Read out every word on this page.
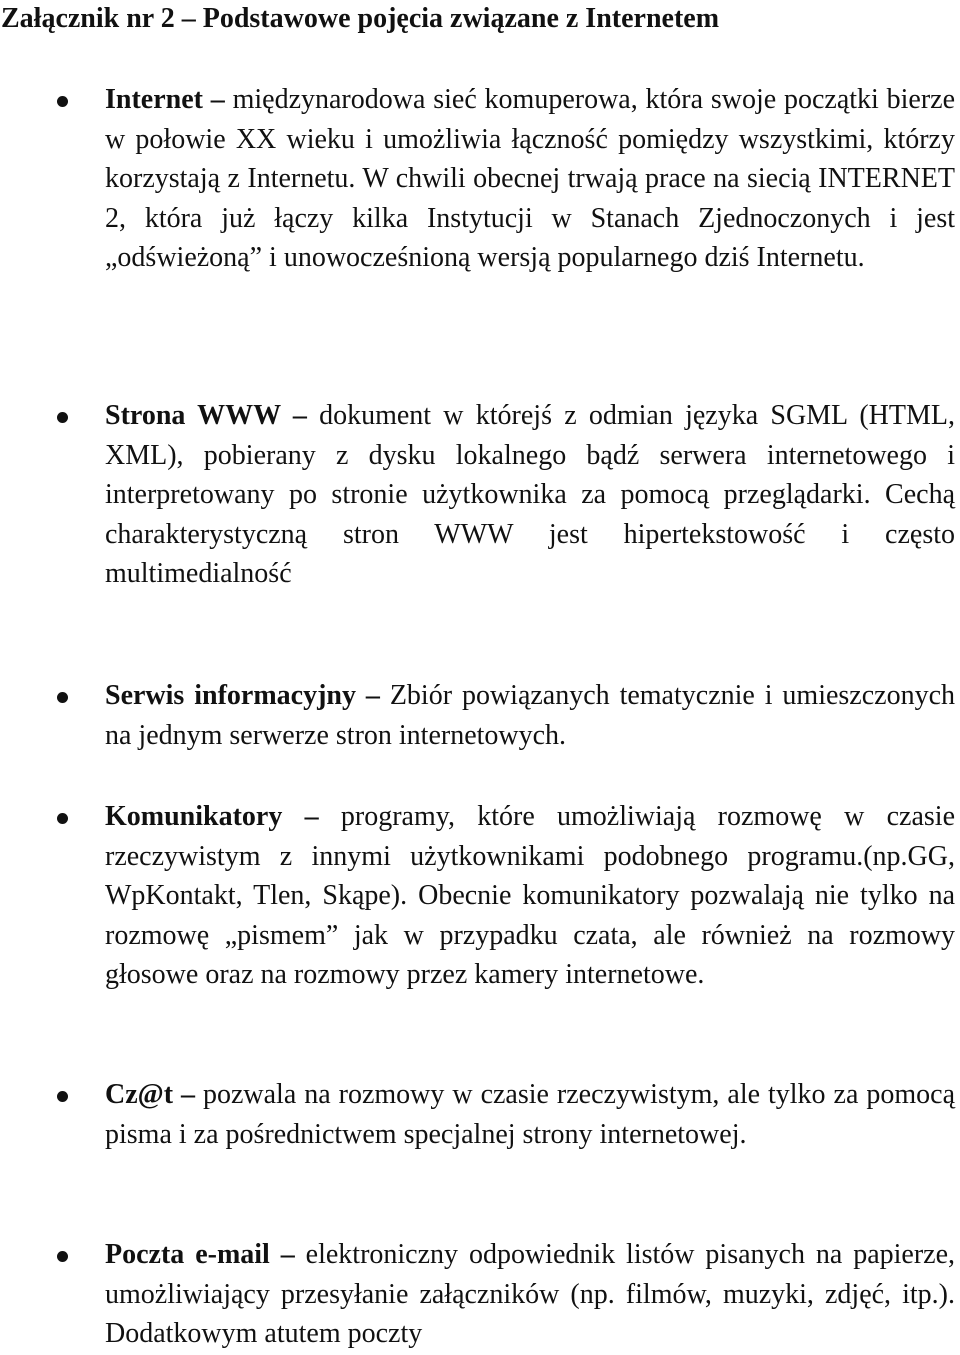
Załącznik nr 2 – Podstawowe pojęcia związane z Internetem
Internet – międzynarodowa sieć komuperowa, która swoje początki bierze w połowie XX wieku i umożliwia łączność pomiędzy wszystkimi, którzy korzystają z Internetu. W chwili obecnej trwają prace na siecią INTERNET 2, która już łączy kilka Instytucji w Stanach Zjednoczonych i jest „odświeżoną” i unowocześnioną wersją popularnego dziś Internetu.
Strona WWW – dokument w którejś z odmian języka SGML (HTML, XML), pobierany z dysku lokalnego bądź serwera internetowego i interpretowany po stronie użytkownika za pomocą przeglądarki. Cechą charakterystyczną stron WWW jest hipertekstowość i często multimedialność
Serwis informacyjny – Zbiór powiązanych tematycznie i umieszczonych na jednym serwerze stron internetowych.
Komunikatory – programy, które umożliwiają rozmowę w czasie rzeczywistym z innymi użytkownikami podobnego programu.(np.GG, WpKontakt, Tlen, Skąpe). Obecnie komunikatory pozwalają nie tylko na rozmowę „pismem” jak w przypadku czata, ale również na rozmowy głosowe oraz na rozmowy przez kamery internetowe.
Cz@t – pozwala na rozmowy w czasie rzeczywistym, ale tylko za pomocą pisma i za pośrednictwem specjalnej strony internetowej.
Poczta e-mail – elektroniczny odpowiednik listów pisanych na papierze, umożliwiający przesyłanie załączników (np. filmów, muzyki, zdjęć, itp.). Dodatkowym atutem poczty
